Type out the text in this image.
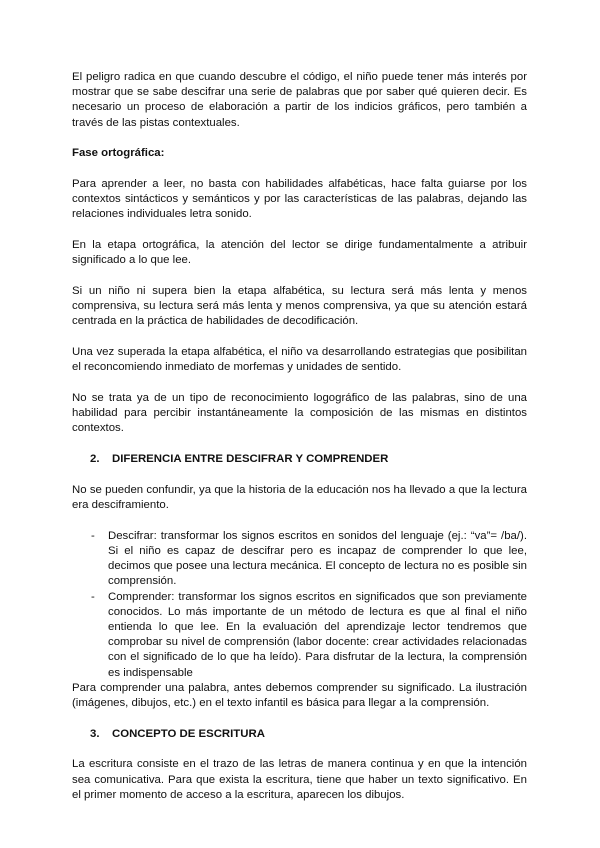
El peligro radica en que cuando descubre el código, el niño puede tener más interés por mostrar que se sabe descifrar una serie de palabras que por saber qué quieren decir. Es necesario un proceso de elaboración a partir de los indicios gráficos, pero también a través de las pistas contextuales.

Fase ortográfica:

Para aprender a leer, no basta con habilidades alfabéticas, hace falta guiarse por los contextos sintácticos y semánticos y por las características de las palabras, dejando las relaciones individuales letra sonido.

En la etapa ortográfica, la atención del lector se dirige fundamentalmente a atribuir significado a lo que lee.

Si un niño ni supera bien la etapa alfabética, su lectura será más lenta y menos comprensiva, su lectura será más lenta y menos comprensiva, ya que su atención estará centrada en la práctica de habilidades de decodificación.

Una vez superada la etapa alfabética, el niño va desarrollando estrategias que posibilitan el reconcomiendo inmediato de morfemas y unidades de sentido.

No se trata ya de un tipo de reconocimiento logográfico de las palabras, sino de una habilidad para percibir instantáneamente la composición de las mismas en distintos contextos.

2.	DIFERENCIA ENTRE DESCIFRAR Y COMPRENDER

No se pueden confundir, ya que la historia de la educación nos ha llevado a que la lectura era desciframiento.

-	Descifrar: transformar los signos escritos en sonidos del lenguaje (ej.: “va”= /ba/). Si el niño es capaz de descifrar pero es incapaz de comprender lo que lee, decimos que posee una lectura mecánica. El concepto de lectura no es posible sin comprensión.
-	Comprender: transformar los signos escritos en significados que son previamente conocidos. Lo más importante de un método de lectura es que al final el niño entienda lo que lee. En la evaluación del aprendizaje lector tendremos que comprobar su nivel de comprensión (labor docente: crear actividades relacionadas con el significado de lo que ha leído). Para disfrutar de la lectura, la comprensión es indispensable

Para comprender una palabra, antes debemos comprender su significado. La ilustración (imágenes, dibujos, etc.) en el texto infantil es básica para llegar a la comprensión.

3.	CONCEPTO DE ESCRITURA

La escritura consiste en el trazo de las letras de manera continua y en que la intención sea comunicativa. Para que exista la escritura, tiene que haber un texto significativo. En el primer momento de acceso a la escritura, aparecen los dibujos.
